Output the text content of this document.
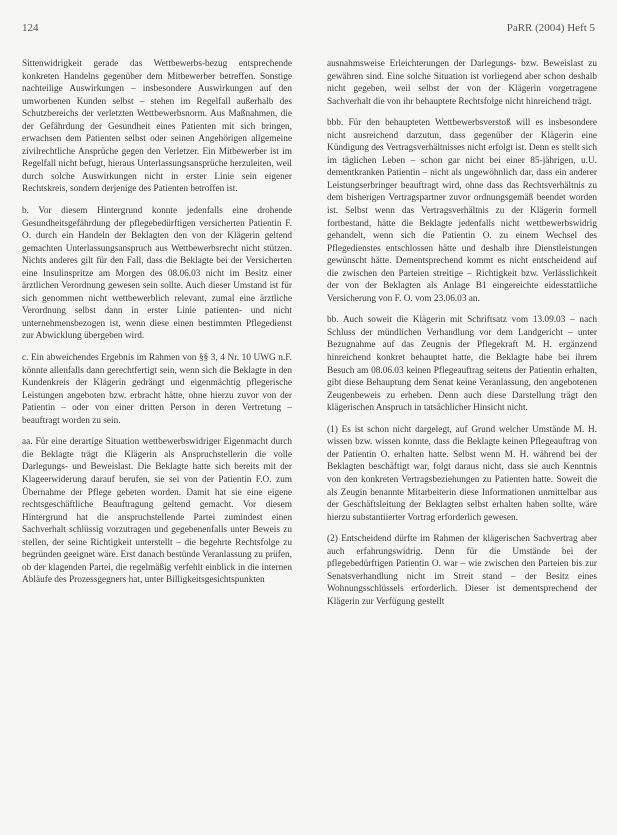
124	PaRR (2004) Heft 5

Sittenwidrigkeit gerade das Wettbewerbs-bezug entsprechende konkreten Handelns gegenüber dem Mitbewerber betreffen. Sonstige nachteilige Auswirkungen – insbesondere Auswirkungen auf den umworbenen Kunden selbst – stehen im Regelfall außerhalb des Schutzbereichs der verletzten Wettbewerbsnorm. Aus Maßnahmen, die der Gefährdung der Gesundheit eines Patienten mit sich bringen, erwachsen dem Patienten selbst oder seinen Angehörigen allgemeine zivilrechtliche Ansprüche gegen den Verletzer. Ein Mitbewerber ist im Regelfall nicht befugt, hieraus Unterlassungsansprüche herzuleiten, weil durch solche Auswirkungen nicht in erster Linie sein eigener Rechtskreis, sondern derjenige des Patienten betroffen ist.

b. Vor diesem Hintergrund konnte jedenfalls eine drohende Gesundheitsgefährdung der pflegebedürftigen versicherten Patientin F. O. durch ein Handeln der Beklagten den von der Klägerin geltend gemachten Unterlassungsanspruch aus Wettbewerbsrecht nicht stützen. Nichts anderes gilt für den Fall, dass die Beklagte bei der Versicherten eine Insulinspritze am Morgen des 08.06.03 nicht im Besitz einer ärztlichen Verordnung gewesen sein sollte. Auch dieser Umstand ist für sich genommen nicht wettbewerblich relevant, zumal eine ärztliche Verordnung selbst dann in erster Linie patienten- und nicht unternehmensbezogen ist, wenn diese einen bestimmten Pflegedienst zur Abwicklung übergeben wird.

c. Ein abweichendes Ergebnis im Rahmen von §§ 3, 4 Nr. 10 UWG n.F. könnte allenfalls dann gerechtfertigt sein, wenn sich die Beklagte in den Kundenkreis der Klägerin gedrängt und eigenmächtig pflegerische Leistungen angeboten bzw. erbracht hätte, ohne hierzu zuvor von der Patientin – oder von einer dritten Person in deren Vertretung – beauftragt worden zu sein.

aa. Für eine derartige Situation wettbewerbswidriger Eigenmacht durch die Beklagte trägt die Klägerin als Anspruchstellerin die volle Darlegungs- und Beweislast. Die Beklagte hatte sich bereits mit der Klageerwiderung darauf berufen, sie sei von der Patientin F.O. zum Übernahme der Pflege gebeten worden. Damit hat sie eine eigene rechtsgeschäftliche Beauftragung geltend gemacht. Vor diesem Hintergrund hat die anspruchstellende Partei zumindest einen Sachverhalt schlüssig vorzutragen und gegebenenfalls unter Beweis zu stellen, der seine Richtigkeit unterstellt – die begehrte Rechtsfolge zu begründen geeignet wäre. Erst danach bestünde Veranlassung zu prüfen, ob der klagenden Partei, die regelmäßig verfehlt einblick in die internen Abläufe des Prozessgegners hat, unter Billigkeitsgesichtspunkten

ausnahmsweise Erleichterungen der Darlegungs- bzw. Beweislast zu gewähren sind. Eine solche Situation ist vorliegend aber schon deshalb nicht gegeben, weil selbst der von der Klägerin vorgetragene Sachverhalt die von ihr behauptete Rechtsfolge nicht hinreichend trägt.

bbb. Für den behaupteten Wettbewerbsverstoß will es insbesondere nicht ausreichend darzutun, dass gegenüber der Klägerin eine Kündigung des Vertragsverhältnisses nicht erfolgt ist. Denn es stellt sich im täglichen Leben – schon gar nicht bei einer 85-jährigen, u.U. dementkranken Patientin – nicht als ungewöhnlich dar, dass ein anderer Leistungserbringer beauftragt wird, ohne dass das Rechtsverhältnis zu dem bisherigen Vertragspartner zuvor ordnungsgemäß beendet worden ist. Selbst wenn das Vertragsverhältnis zu der Klägerin formell fortbestand, hätte die Beklagte jedenfalls nicht wettbewerbswidrig gehandelt, wenn sich die Patientin O. zu einem Wechsel des Pflegedienstes entschlossen hätte und deshalb ihre Dienstleistungen gewünscht hätte. Dementsprechend kommt es nicht entscheidend auf die zwischen den Parteien streitige – Richtigkeit bzw. Verlässlichkeit der von der Beklagten als Anlage B1 eingereichte eidesstattliche Versicherung von F. O. vom 23.06.03 an.

bb. Auch soweit die Klägerin mit Schriftsatz vom 13.09.03 – nach Schluss der mündlichen Verhandlung vor dem Landgericht – unter Bezugnahme auf das Zeugnis der Pflegekraft M. H. ergänzend hinreichend konkret behauptet hatte, die Beklagte habe bei ihrem Besuch am 08.06.03 keinen Pflegeauftrag seitens der Patientin erhalten, gibt diese Behauptung dem Senat keine Veranlassung, den angebotenen Zeugenbeweis zu erheben. Denn auch diese Darstellung trägt den klägerischen Anspruch in tatsächlicher Hinsicht nicht.

(1) Es ist schon nicht dargelegt, auf Grund welcher Umstände M. H. wissen bzw. wissen konnte, dass die Beklagte keinen Pflegeauftrag von der Patientin O. erhalten hatte. Selbst wenn M. H. während bei der Beklagten beschäftigt war, folgt daraus nicht, dass sie auch Kenntnis von den konkreten Vertragsbeziehungen zu Patienten hatte. Soweit die als Zeugin benannte Mitarbeiterin diese Informationen unmittelbar aus der Geschäftsleitung der Beklagten selbst erhalten haben sollte, wäre hierzu substantiierter Vortrag erforderlich gewesen.

(2) Entscheidend dürfte im Rahmen der klägerischen Sachvertrag aber auch erfahrungswidrig. Denn für die Umstände bei der pflegebedürftigen Patientin O. war – wie zwischen den Parteien bis zur Senatsverhandlung nicht im Streit stand – der Besitz eines Wohnungsschlüssels erforderlich. Dieser ist dementsprechend der Klägerin zur Verfügung gestellt
